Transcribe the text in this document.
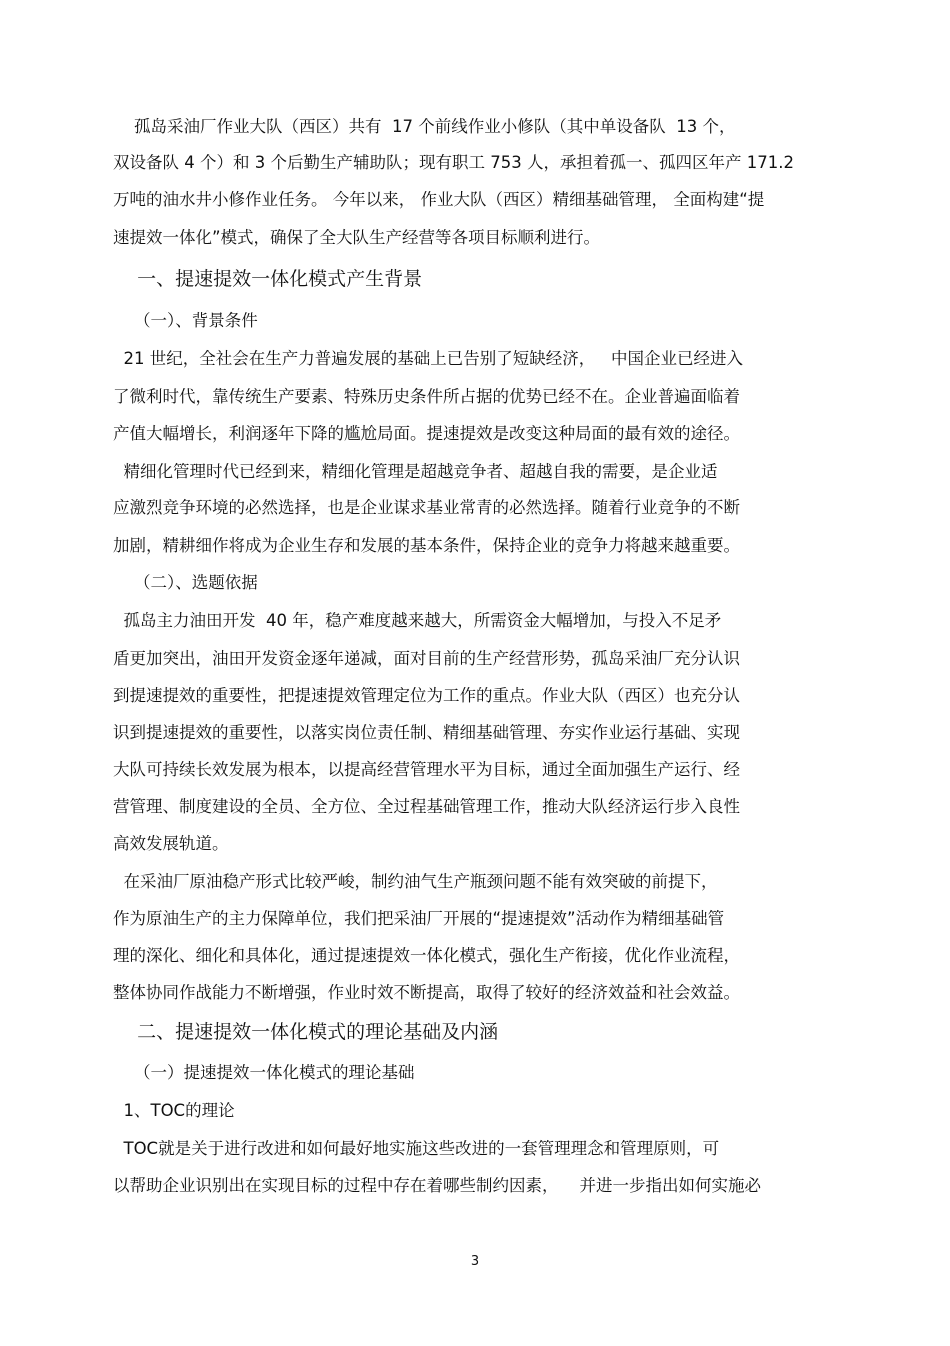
孤岛采油厂作业大队（西区）共有  17 个前线作业小修队（其中单设备队  13 个，

双设备队 4 个）和 3 个后勤生产辅助队；现有职工 753 人，承担着孤一、孤四区年产 171.2

万吨的油水井小修作业任务。 今年以来， 作业大队（西区）精细基础管理， 全面构建“提

速提效一体化”模式，确保了全大队生产经营等各项目标顺利进行。

一、提速提效一体化模式产生背景

（一）、背景条件

21 世纪，全社会在生产力普遍发展的基础上已告别了短缺经济，   中国企业已经进入

了微利时代，靠传统生产要素、特殊历史条件所占据的优势已经不在。企业普遍面临着

产值大幅增长，利润逐年下降的尴尬局面。提速提效是改变这种局面的最有效的途径。

精细化管理时代已经到来，精细化管理是超越竞争者、超越自我的需要，是企业适

应激烈竞争环境的必然选择，也是企业谋求基业常青的必然选择。随着行业竞争的不断

加剧，精耕细作将成为企业生存和发展的基本条件，保持企业的竞争力将越来越重要。

（二）、选题依据

孤岛主力油田开发  40 年，稳产难度越来越大，所需资金大幅增加，与投入不足矛

盾更加突出，油田开发资金逐年递减，面对目前的生产经营形势，孤岛采油厂充分认识

到提速提效的重要性，把提速提效管理定位为工作的重点。作业大队（西区）也充分认

识到提速提效的重要性，以落实岗位责任制、精细基础管理、夯实作业运行基础、实现

大队可持续长效发展为根本，以提高经营管理水平为目标，通过全面加强生产运行、经

营管理、制度建设的全员、全方位、全过程基础管理工作，推动大队经济运行步入良性

高效发展轨道。

在采油厂原油稳产形式比较严峻，制约油气生产瓶颈问题不能有效突破的前提下，

作为原油生产的主力保障单位，我们把采油厂开展的“提速提效”活动作为精细基础管

理的深化、细化和具体化，通过提速提效一体化模式，强化生产衔接，优化作业流程，

整体协同作战能力不断增强，作业时效不断提高，取得了较好的经济效益和社会效益。

二、提速提效一体化模式的理论基础及内涵

（一）提速提效一体化模式的理论基础

1、TOC的理论

TOC就是关于进行改进和如何最好地实施这些改进的一套管理理念和管理原则，可

以帮助企业识别出在实现目标的过程中存在着哪些制约因素，    并进一步指出如何实施必

3
